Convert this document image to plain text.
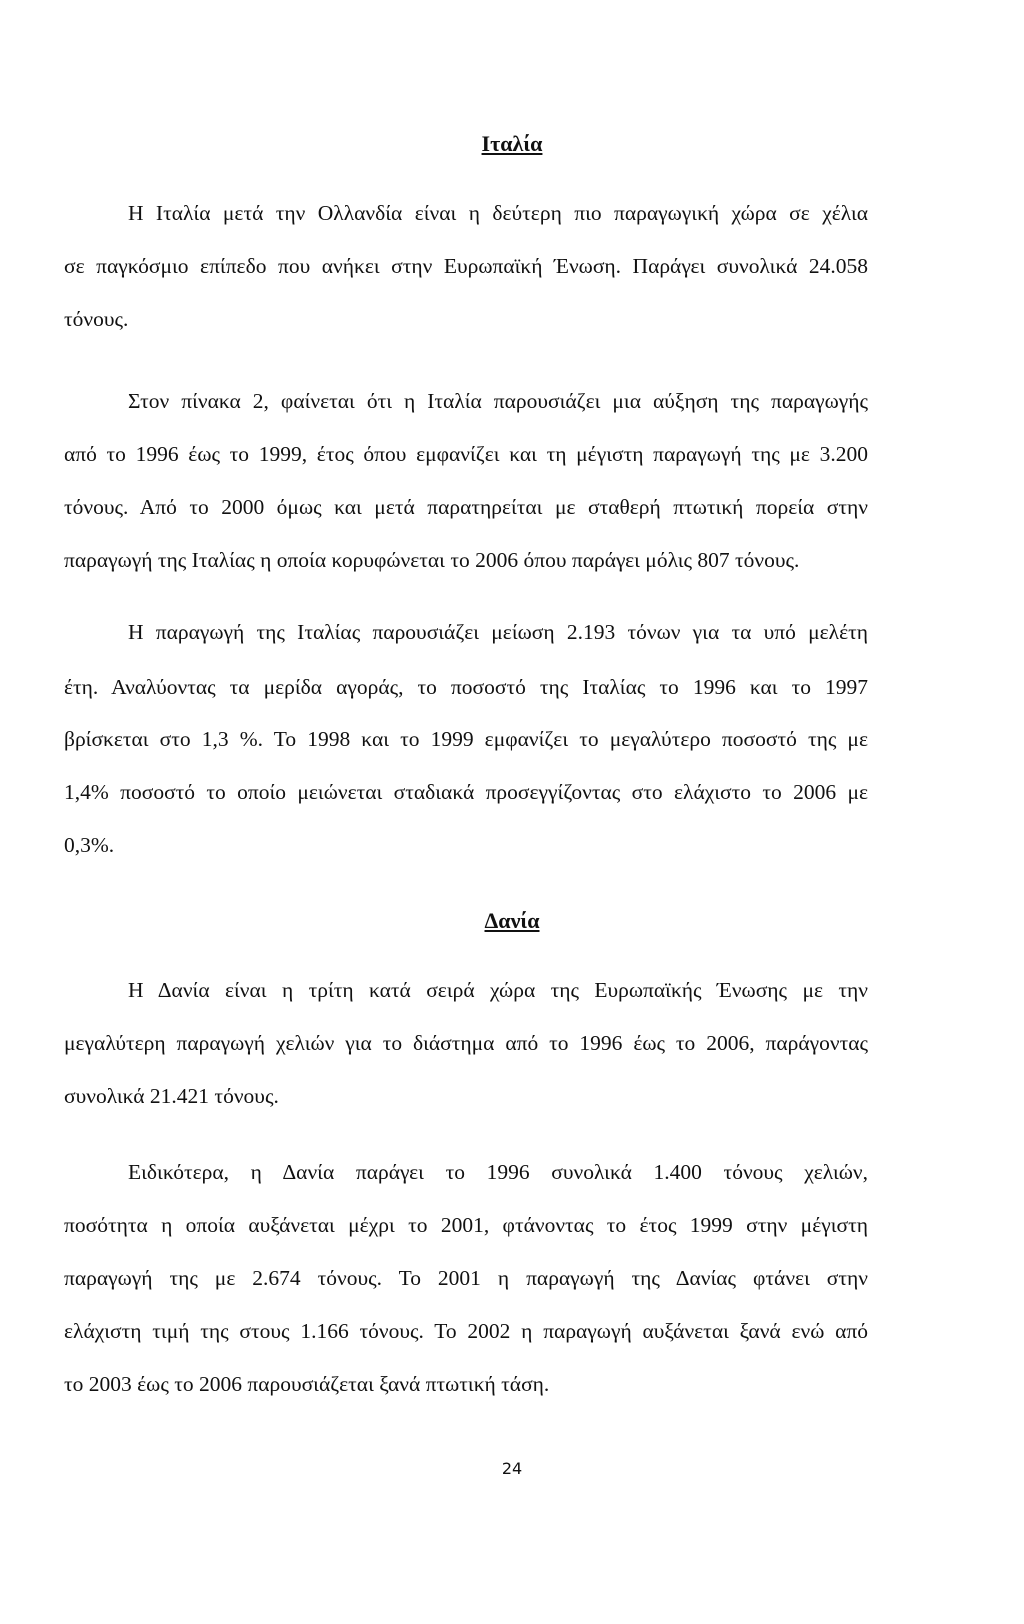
Ιταλία
Η Ιταλία μετά την Ολλανδία είναι η δεύτερη πιο παραγωγική χώρα σε χέλια
σε παγκόσμιο επίπεδο που ανήκει στην Ευρωπαϊκή Ένωση. Παράγει συνολικά 24.058
τόνους.
Στον πίνακα 2, φαίνεται ότι η Ιταλία παρουσιάζει μια αύξηση της παραγωγής
από το 1996 έως το 1999, έτος όπου εμφανίζει και τη μέγιστη παραγωγή της με 3.200
τόνους. Από το 2000 όμως και μετά παρατηρείται με σταθερή πτωτική πορεία στην
παραγωγή της Ιταλίας η οποία κορυφώνεται το 2006 όπου παράγει μόλις 807 τόνους.
Η παραγωγή της Ιταλίας παρουσιάζει μείωση 2.193 τόνων για τα υπό μελέτη
έτη. Αναλύοντας τα μερίδα αγοράς, το ποσοστό της Ιταλίας το 1996 και το 1997
βρίσκεται στο 1,3 %. Το 1998 και το 1999 εμφανίζει το μεγαλύτερο ποσοστό της με
1,4% ποσοστό το οποίο μειώνεται σταδιακά προσεγγίζοντας στο ελάχιστο το 2006 με
0,3%.
Δανία
Η Δανία είναι η τρίτη κατά σειρά χώρα της Ευρωπαϊκής Ένωσης με την
μεγαλύτερη παραγωγή χελιών για το διάστημα από το 1996 έως το 2006, παράγοντας
συνολικά 21.421 τόνους.
Ειδικότερα, η Δανία παράγει το 1996 συνολικά 1.400 τόνους χελιών,
ποσότητα η οποία αυξάνεται μέχρι το 2001, φτάνοντας το έτος 1999 στην μέγιστη
παραγωγή της με 2.674 τόνους. Το 2001 η παραγωγή της Δανίας φτάνει στην
ελάχιστη τιμή της στους 1.166 τόνους. Το 2002 η παραγωγή αυξάνεται ξανά ενώ από
το 2003 έως το 2006 παρουσιάζεται ξανά πτωτική τάση.
24
